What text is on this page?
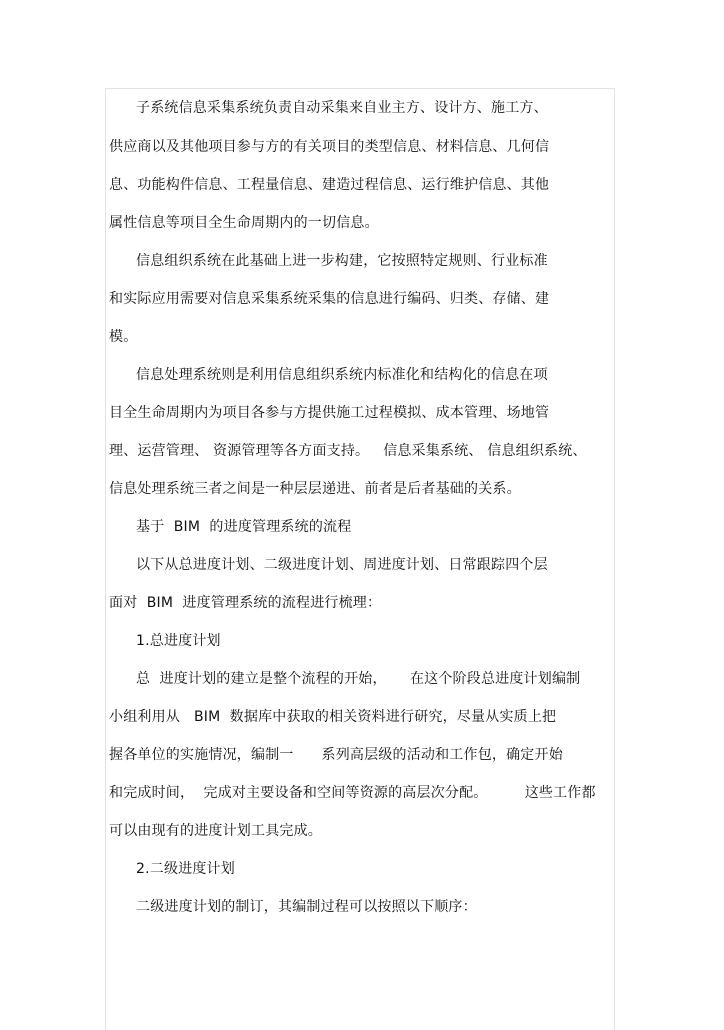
子系统信息采集系统负责自动采集来自业主方、设计方、施工方、
供应商以及其他项目参与方的有关项目的类型信息、材料信息、几何信
息、功能构件信息、工程量信息、建造过程信息、运行维护信息、其他
属性信息等项目全生命周期内的一切信息。
信息组织系统在此基础上进一步构建，它按照特定规则、行业标准
和实际应用需要对信息采集系统采集的信息进行编码、归类、存储、建
模。
信息处理系统则是利用信息组织系统内标准化和结构化的信息在项
目全生命周期内为项目各参与方提供施工过程模拟、成本管理、场地管
理、运营管理、 资源管理等各方面支持。   信息采集系统、 信息组织系统、
信息处理系统三者之间是一种层层递进、前者是后者基础的关系。
基于  BIM  的进度管理系统的流程
以下从总进度计划、二级进度计划、周进度计划、日常跟踪四个层
面对  BIM  进度管理系统的流程进行梳理：
1.总进度计划
总  进度计划的建立是整个流程的开始，     在这个阶段总进度计划编制
小组利用从   BIM  数据库中获取的相关资料进行研究，尽量从实质上把
握各单位的实施情况，编制一      系列高层级的活动和工作包，确定开始
和完成时间，  完成对主要设备和空间等资源的高层次分配。        这些工作都
可以由现有的进度计划工具完成。
2.二级进度计划
二级进度计划的制订，其编制过程可以按照以下顺序：
